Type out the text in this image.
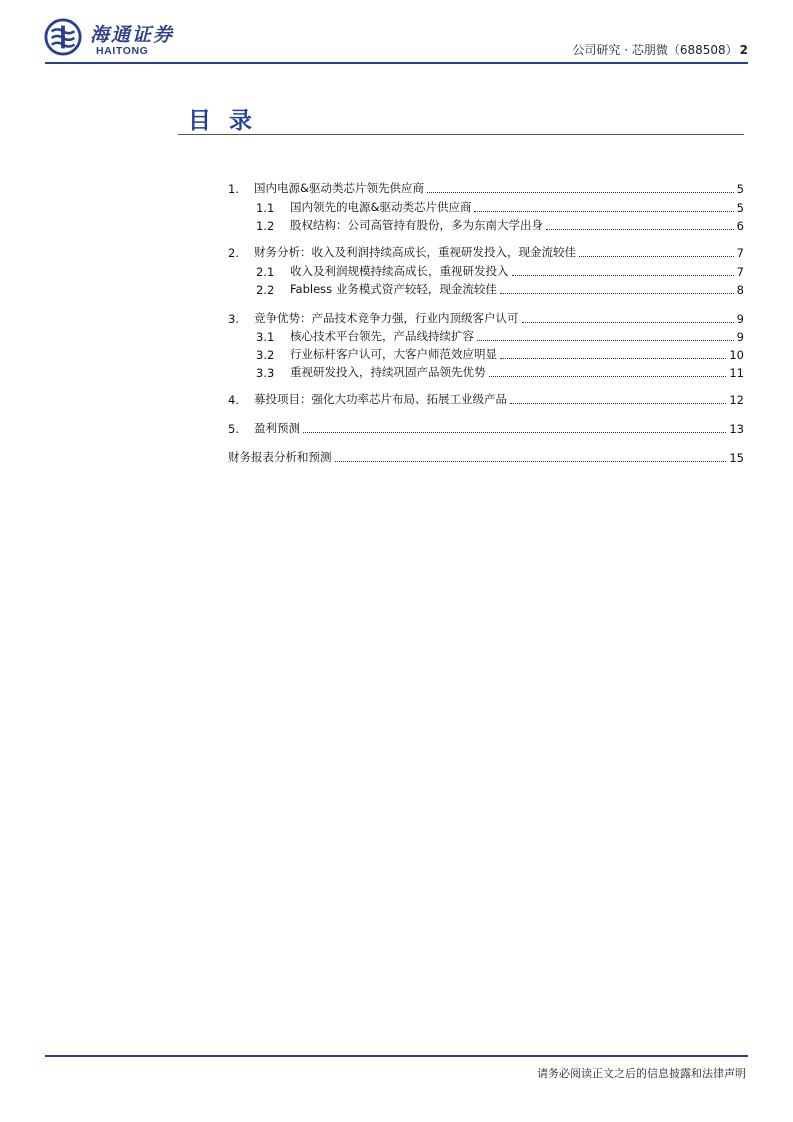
海通证券
HAITONG	公司研究 · 芯朋微（688508） 2
目录
1.	国内电源&驱动类芯片领先供应商	5
1.1	国内领先的电源&驱动类芯片供应商	5
1.2	股权结构：公司高管持有股份，多为东南大学出身	6
2.	财务分析：收入及利润持续高成长，重视研发投入，现金流较佳	7
2.1	收入及利润规模持续高成长，重视研发投入	7
2.2	Fabless 业务模式资产较轻，现金流较佳	8
3.	竞争优势：产品技术竞争力强，行业内顶级客户认可	9
3.1	核心技术平台领先，产品线持续扩容	9
3.2	行业标杆客户认可，大客户师范效应明显	10
3.3	重视研发投入，持续巩固产品领先优势	11
4.	募投项目：强化大功率芯片布局、拓展工业级产品	12
5.	盈利预测	13
财务报表分析和预测	15
请务必阅读正文之后的信息披露和法律声明
